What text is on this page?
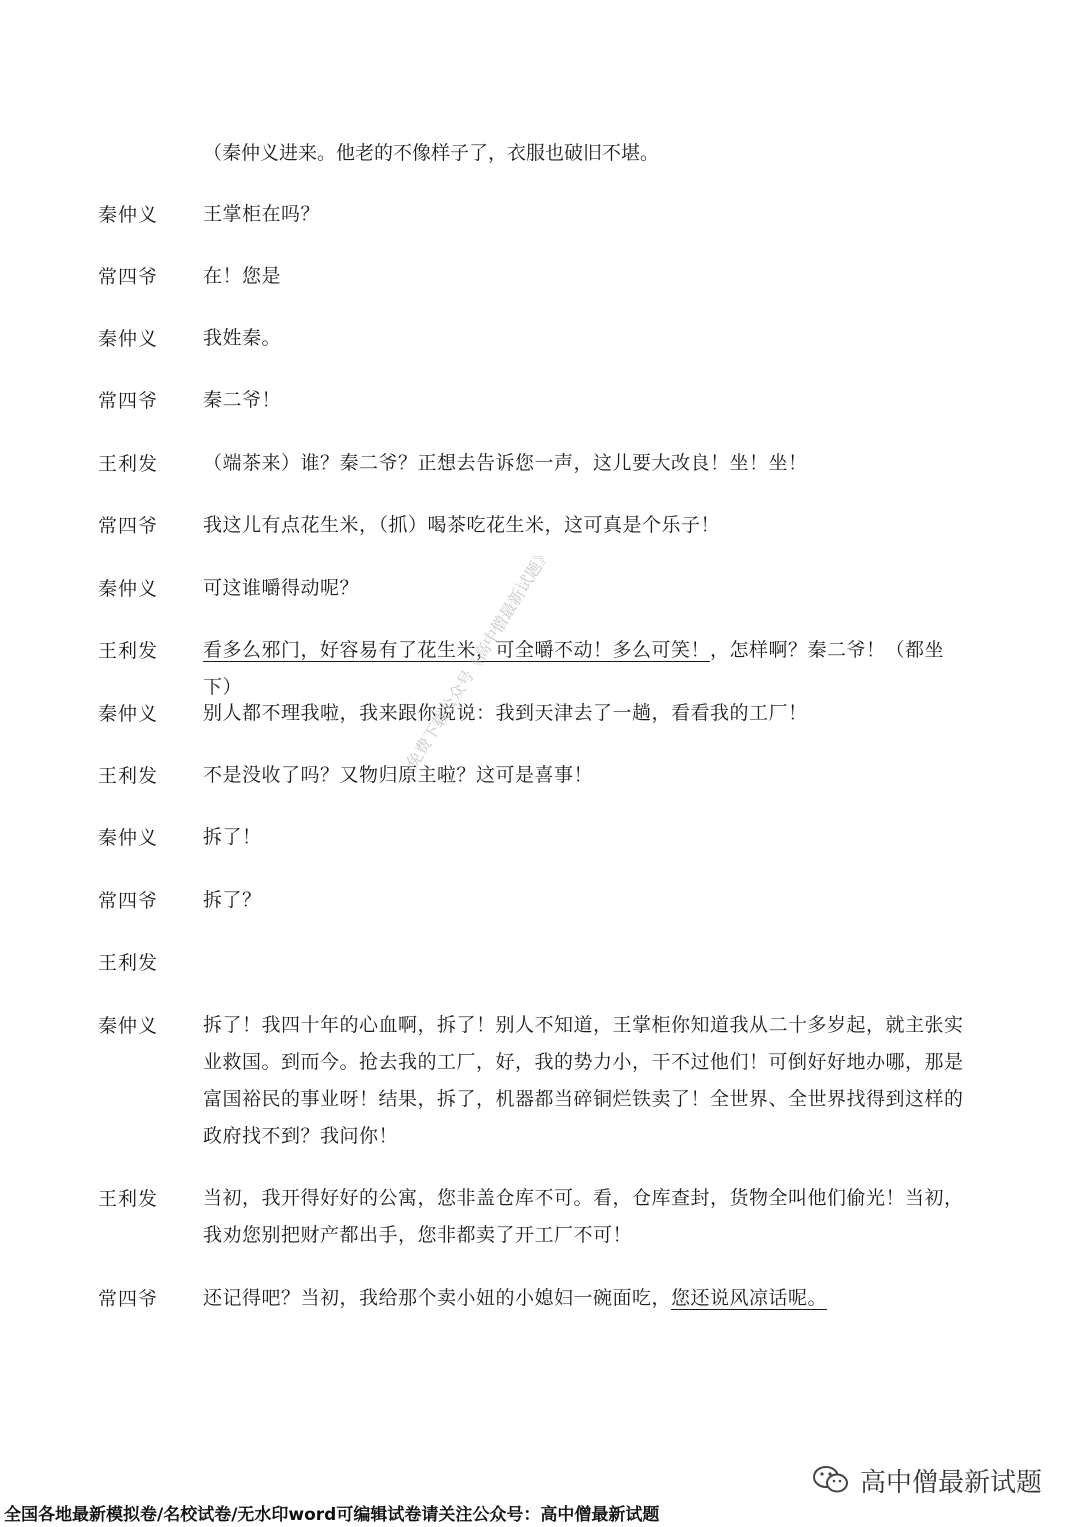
（秦仲义进来。他老的不像样子了，衣服也破旧不堪。
秦仲义 王掌柜在吗？
常四爷 在！您是
秦仲义 我姓秦。
常四爷 秦二爷！
王利发 （端茶来）谁？秦二爷？正想去告诉您一声，这儿要大改良！坐！坐！
常四爷 我这儿有点花生米，（抓）喝茶吃花生米，这可真是个乐子！
秦仲义 可这谁嚼得动呢？
王利发 看多么邪门，好容易有了花生米，可全嚼不动！多么可笑！，怎样啊？秦二爷！（都坐下）
秦仲义 别人都不理我啦，我来跟你说说：我到天津去了一趟，看看我的工厂！
王利发 不是没收了吗？又物归原主啦？这可是喜事！
秦仲义 拆了！
常四爷 拆了？
王利发
秦仲义 拆了！我四十年的心血啊，拆了！别人不知道，王掌柜你知道我从二十多岁起，就主张实业救国。到而今。抢去我的工厂，好，我的势力小，干不过他们！可倒好好地办哪，那是富国裕民的事业呀！结果，拆了，机器都当碎铜烂铁卖了！全世界、全世界找得到这样的政府找不到？我问你！
王利发 当初，我开得好好的公寓，您非盖仓库不可。看，仓库查封，货物全叫他们偷光！当初，我劝您别把财产都出手，您非都卖了开工厂不可！
常四爷 还记得吧？当初，我给那个卖小妞的小媳妇一碗面吃，您还说风凉话呢。
免费下载公众号《高中僧最新试题》
高中僧最新试题
全国各地最新模拟卷/名校试卷/无水印word可编辑试卷请关注公众号：高中僧最新试题
